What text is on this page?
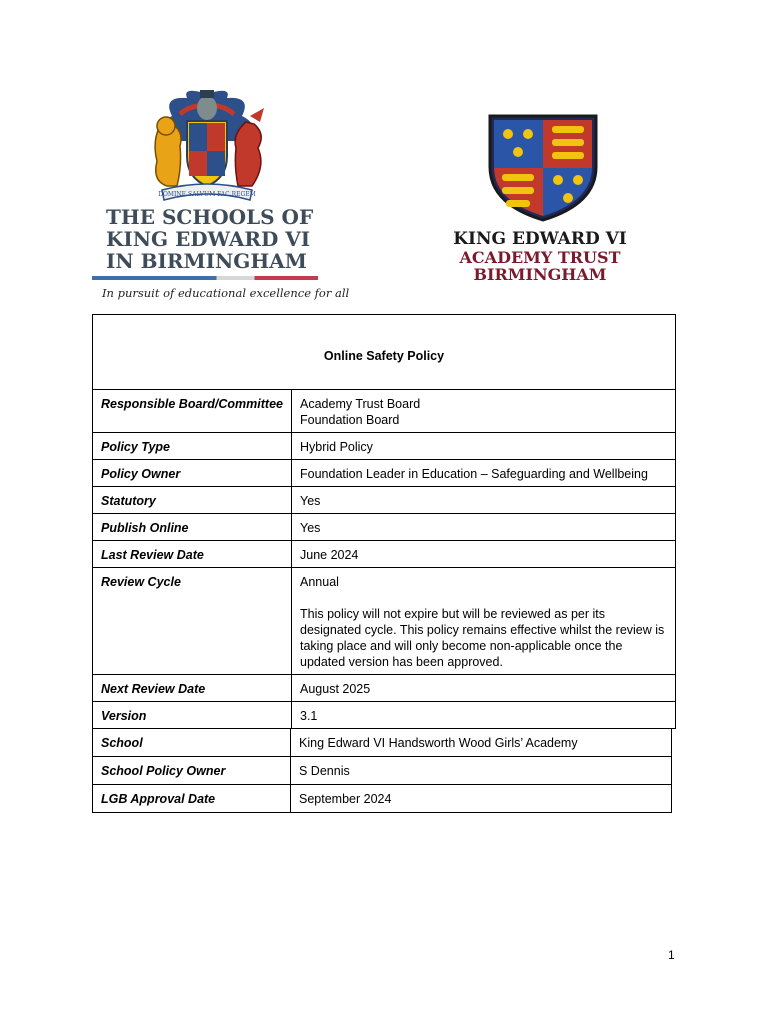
DOMINE SALVUM FAC REGEM
THE SCHOOLS OF
KING EDWARD VI
IN BIRMINGHAM
In pursuit of educational excellence for all
KING EDWARD VI
ACADEMY TRUST
BIRMINGHAM
Online Safety Policy	
Responsible Board/Committee	Academy Trust Board
Foundation Board

Policy Type	Hybrid Policy
Policy Owner	Foundation Leader in Education – Safeguarding and Wellbeing
Statutory	Yes
Publish Online	Yes
Last Review Date	June 2024
Review Cycle	Annual
This policy will not expire but will be reviewed as per its designated cycle. This policy remains effective whilst the review is taking place and will only become non-applicable once the updated version has been approved.

Next Review Date	August 2025
Version	3.1
School	King Edward VI Handsworth Wood Girls’ Academy
School Policy Owner	S Dennis
LGB Approval Date	September 2024
1
